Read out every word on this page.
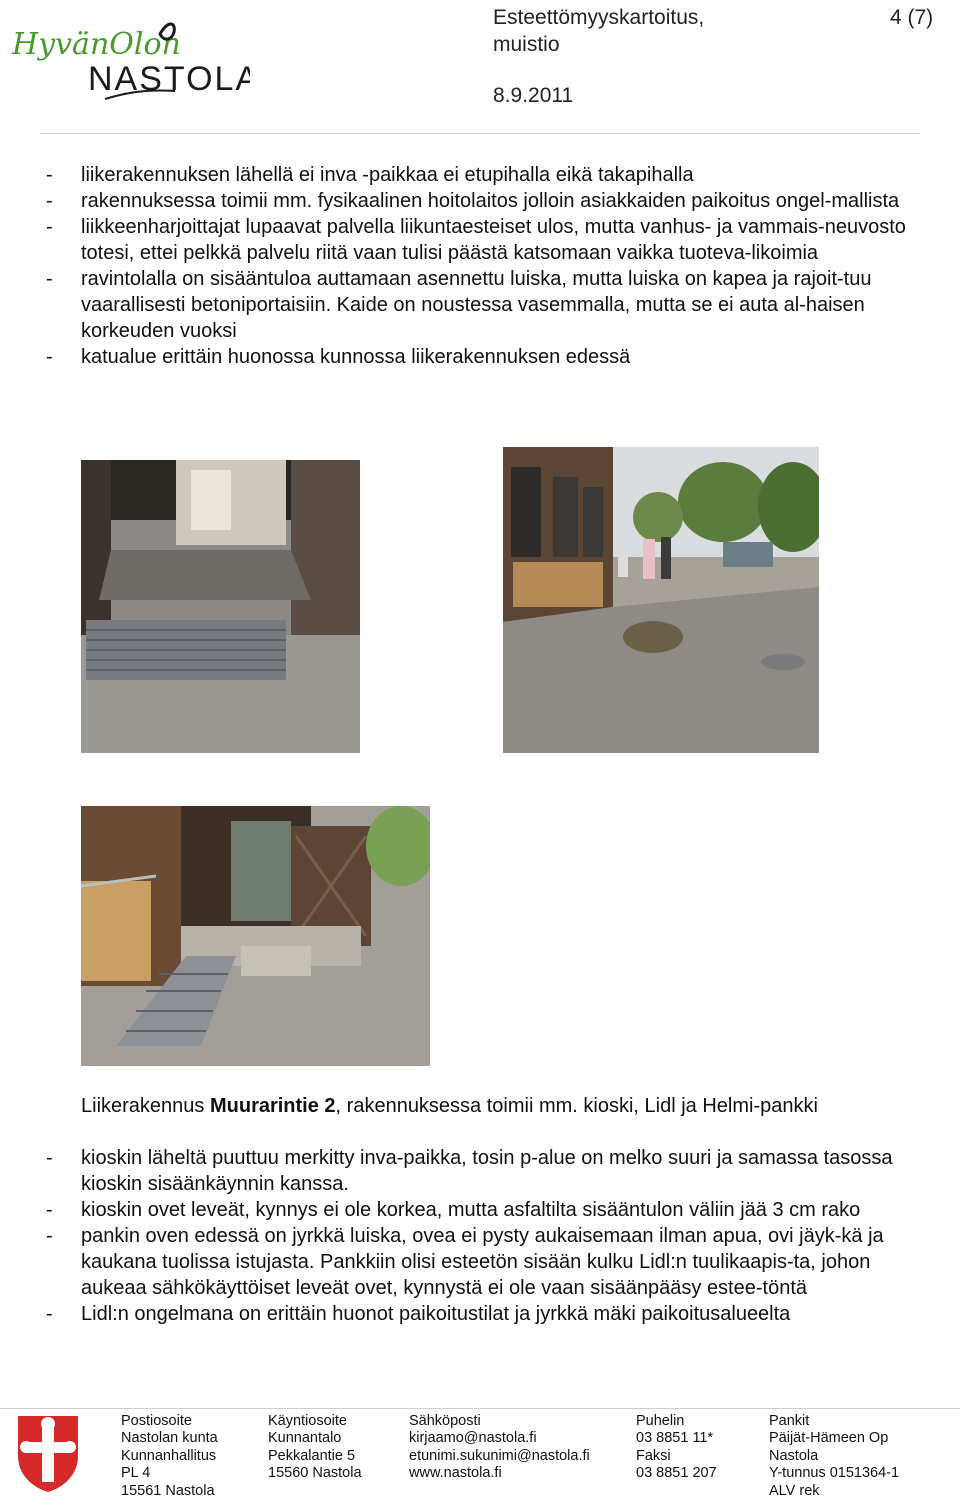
HyvänOlon
NASTOLA
Esteettömyyskartoitus, muistio
4 (7)
8.9.2011
- liikerakennuksen lähellä ei inva -paikkaa ei etupihalla eikä takapihalla
- rakennuksessa toimii mm. fysikaalinen hoitolaitos jolloin asiakkaiden paikoitus ongel-mallista
- liikkeenharjoittajat lupaavat palvella liikuntaesteiset ulos, mutta vanhus- ja vammais-neuvosto totesi, ettei pelkkä palvelu riitä vaan tulisi päästä katsomaan vaikka tuoteva-likoimia
- ravintolalla on sisääntuloa auttamaan asennettu luiska, mutta luiska on kapea ja rajoit-tuu vaarallisesti betoniportaisiin. Kaide on noustessa vasemmalla, mutta se ei auta al-haisen korkeuden vuoksi
- katualue erittäin huonossa kunnossa liikerakennuksen edessä
Liikerakennus Muurarintie 2, rakennuksessa toimii mm. kioski, Lidl ja Helmi-pankki
- kioskin läheltä puuttuu merkitty inva-paikka, tosin p-alue on melko suuri ja samassa tasossa kioskin sisäänkäynnin kanssa.
- kioskin ovet leveät, kynnys ei ole korkea, mutta asfaltilta sisääntulon väliin jää 3 cm rako
- pankin oven edessä on jyrkkä luiska, ovea ei pysty aukaisemaan ilman apua, ovi jäyk-kä ja kaukana tuolissa istujasta. Pankkiin olisi esteetön sisään kulku Lidl:n tuulikaapis-ta, johon aukeaa sähkökäyttöiset leveät ovet, kynnystä ei ole vaan sisäänpääsy estee-töntä
- Lidl:n ongelmana on erittäin huonot paikoitustilat ja jyrkkä mäki paikoitusalueelta
Postiosoite
Nastolan kunta
Kunnanhallitus
PL 4
15561 Nastola
Käyntiosoite
Kunnantalo
Pekkalantie 5
15560 Nastola
Sähköposti
kirjaamo@nastola.fi
etunimi.sukunimi@nastola.fi
www.nastola.fi
Puhelin
03 8851 11*
Faksi
03 8851 207
Pankit
Päijät-Hämeen Op
Nastola
Y-tunnus 0151364-1
ALV rek
